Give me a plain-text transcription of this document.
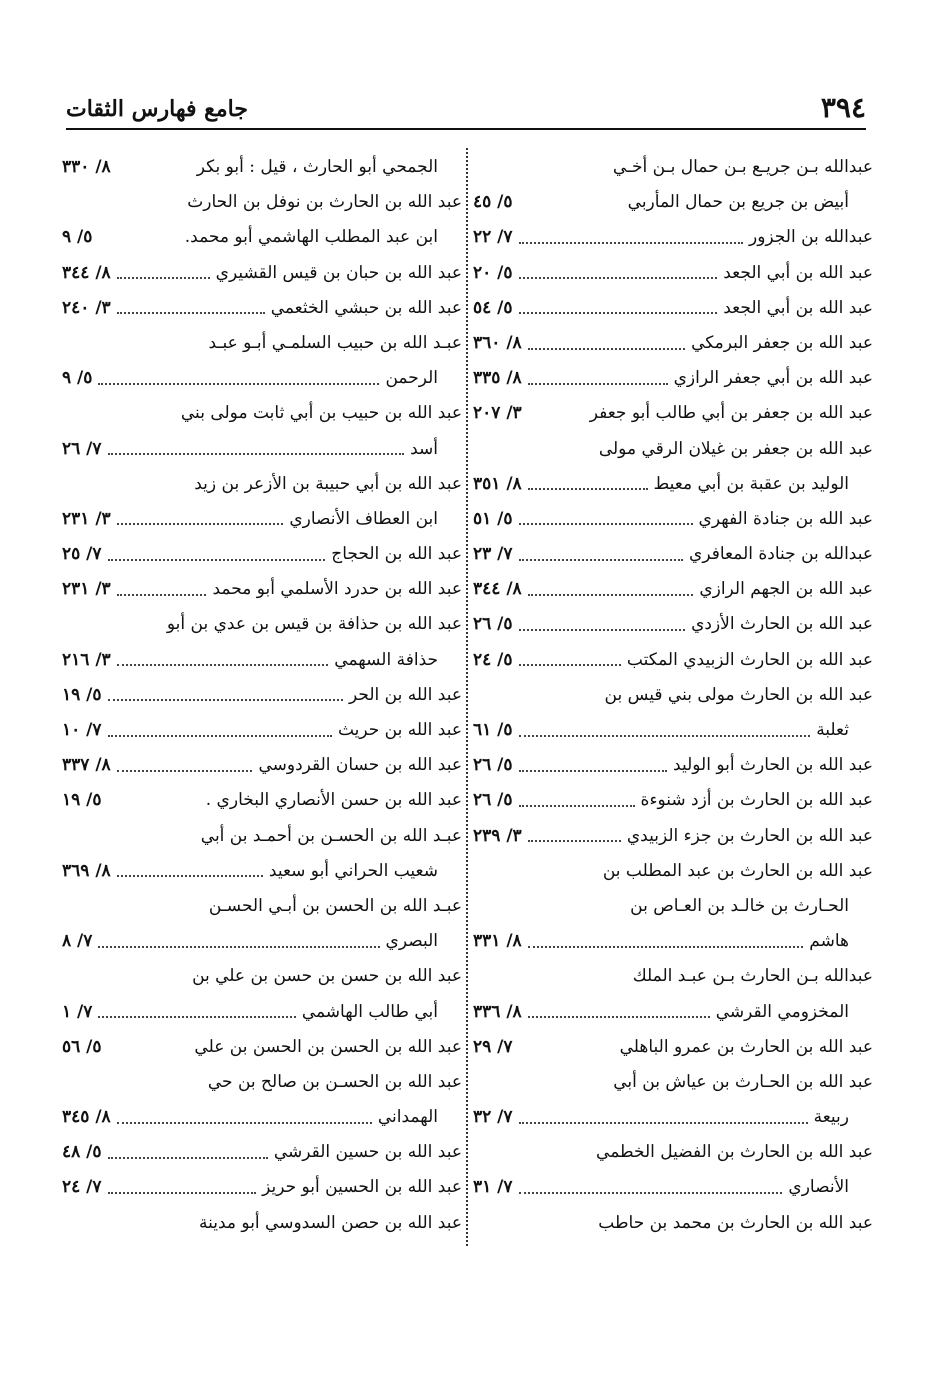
٣٩٤
جامع فهارس الثقات
عبدالله بـن جريـع بـن حمال بـن أخـي
أبيض بن جريع بن حمال المأربي
٥/ ٤٥
عبدالله بن الجزور
٧/ ٢٢
عبد الله بن أبي الجعد
٥/ ٢٠
عبد الله بن أبي الجعد
٥/ ٥٤
عبد الله بن جعفر البرمكي
٨/ ٣٦٠
عبد الله بن أبي جعفر الرازي
٨/ ٣٣٥
عبد الله بن جعفر بن أبي طالب أبو جعفر
٣/ ٢٠٧
عبد الله بن جعفر بن غيلان الرقي مولى
الوليد بن عقبة بن أبي معيط
٨/ ٣٥١
عبد الله بن جنادة الفهري
٥/ ٥١
عبدالله بن جنادة المعافري
٧/ ٢٣
عبد الله بن الجهم الرازي
٨/ ٣٤٤
عبد الله بن الحارث الأزدي
٥/ ٢٦
عبد الله بن الحارث الزبيدي المكتب
٥/ ٢٤
عبد الله بن الحارث مولى بني قيس بن
ثعلبة
٥/ ٦١
عبد الله بن الحارث أبو الوليد
٥/ ٢٦
عبد الله بن الحارث بن أزد شنوءة
٥/ ٢٦
عبد الله بن الحارث بن جزء الزبيدي
٣/ ٢٣٩
عبد الله بن الحارث بن عبد المطلب بن
الحـارث بن خالـد بن العـاص بن
هاشم
٨/ ٣٣١
عبدالله بـن الحارث بـن عبـد الملك
المخزومي القرشي
٨/ ٣٣٦
عبد الله بن الحارث بن عمرو الباهلي
٧/ ٢٩
عبد الله بن الحـارث بن عياش بن أبي
ربيعة
٧/ ٣٢
عبد الله بن الحارث بن الفضيل الخطمي
الأنصاري
٧/ ٣١
عبد الله بن الحارث بن محمد بن حاطب
الجمحي أبو الحارث ، قيل : أبو بكر
٨/ ٣٣٠
عبد الله بن الحارث بن نوفل بن الحارث
ابن عبد المطلب الهاشمي أبو محمد.
٥/ ٩
عبد الله بن حبان بن قيس القشيري
٨/ ٣٤٤
عبد الله بن حبشي الخثعمي
٣/ ٢٤٠
عبـد الله بن حبيب السلمـي أبـو عبـد
الرحمن
٥/ ٩
عبد الله بن حبيب بن أبي ثابت مولى بني
أسد
٧/ ٢٦
عبد الله بن أبي حبيبة بن الأزعر بن زيد
ابن العطاف الأنصاري
٣/ ٢٣١
عبد الله بن الحجاج
٧/ ٢٥
عبد الله بن حدرد الأسلمي أبو محمد
٣/ ٢٣١
عبد الله بن حذافة بن قيس بن عدي بن أبو
حذافة السهمي
٣/ ٢١٦
عبد الله بن الحر
٥/ ١٩
عبد الله بن حريث
٧/ ١٠
عبد الله بن حسان القردوسي
٨/ ٣٣٧
عبد الله بن حسن الأنصاري البخاري .
٥/ ١٩
عبـد الله بن الحسـن بن أحمـد بن أبي
شعيب الحراني أبو سعيد
٨/ ٣٦٩
عبـد الله بن الحسن بن أبـي الحسـن
البصري
٧/ ٨
عبد الله بن حسن بن حسن بن علي بن
أبي طالب الهاشمي
٧/ ١
عبد الله بن الحسن بن الحسن بن علي
٥/ ٥٦
عبد الله بن الحسـن بن صالح بن حي
الهمداني
٨/ ٣٤٥
عبد الله بن حسين القرشي
٥/ ٤٨
عبد الله بن الحسين أبو حريز
٧/ ٢٤
عبد الله بن حصن السدوسي أبو مدينة
